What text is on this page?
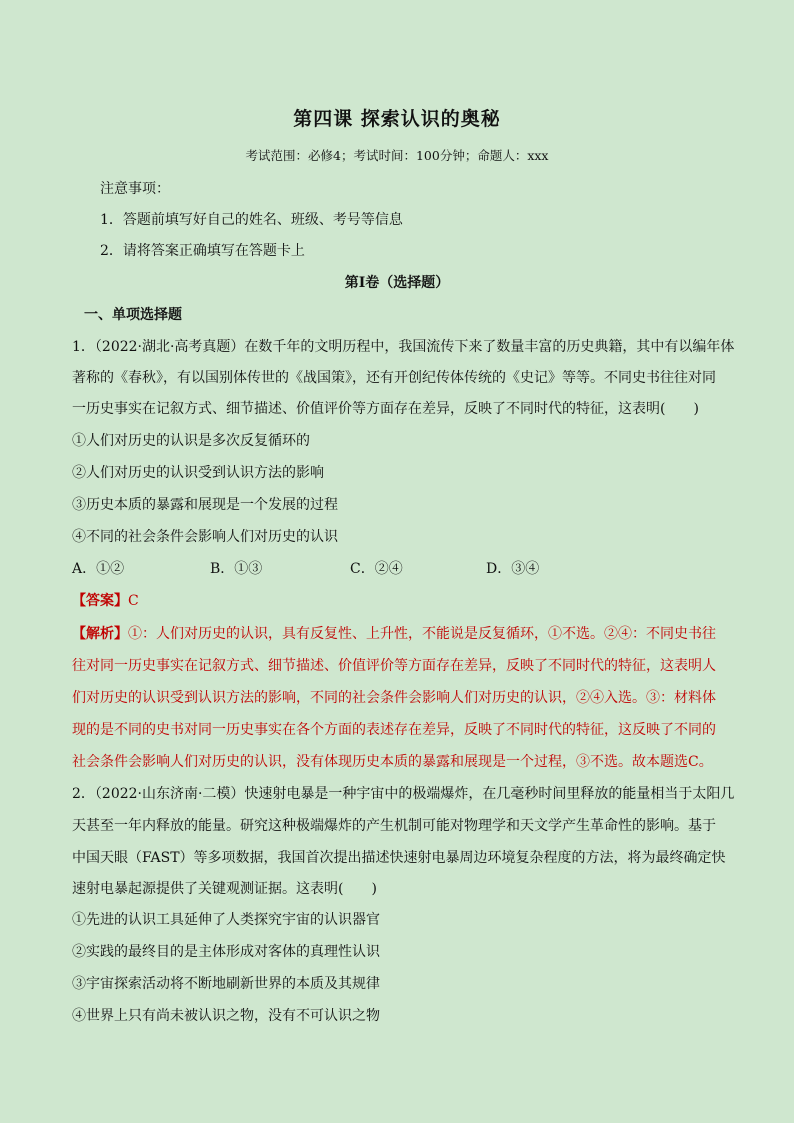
第四课 探索认识的奥秘
考试范围：必修4；考试时间：100分钟；命题人：xxx
注意事项：
1．答题前填写好自己的姓名、班级、考号等信息
2．请将答案正确填写在答题卡上
第I卷（选择题）
一、单项选择题
1．（2022·湖北·高考真题）在数千年的文明历程中，我国流传下来了数量丰富的历史典籍，其中有以编年体
著称的《春秋》，有以国别体传世的《战国策》，还有开创纪传体传统的《史记》等等。不同史书往往对同
一历史事实在记叙方式、细节描述、价值评价等方面存在差异，反映了不同时代的特征，这表明(　　)
①人们对历史的认识是多次反复循环的
②人们对历史的认识受到认识方法的影响
③历史本质的暴露和展现是一个发展的过程
④不同的社会条件会影响人们对历史的认识
A．①②	B．①③	C．②④	D．③④
【答案】C
【解析】①：人们对历史的认识，具有反复性、上升性，不能说是反复循环，①不选。②④：不同史书往
往对同一历史事实在记叙方式、细节描述、价值评价等方面存在差异，反映了不同时代的特征，这表明人
们对历史的认识受到认识方法的影响，不同的社会条件会影响人们对历史的认识，②④入选。③：材料体
现的是不同的史书对同一历史事实在各个方面的表述存在差异，反映了不同时代的特征，这反映了不同的
社会条件会影响人们对历史的认识，没有体现历史本质的暴露和展现是一个过程，③不选。故本题选C。
2．（2022·山东济南·二模）快速射电暴是一种宇宙中的极端爆炸，在几毫秒时间里释放的能量相当于太阳几
天甚至一年内释放的能量。研究这种极端爆炸的产生机制可能对物理学和天文学产生革命性的影响。基于
中国天眼（FAST）等多项数据，我国首次提出描述快速射电暴周边环境复杂程度的方法，将为最终确定快
速射电暴起源提供了关键观测证据。这表明(　　)
①先进的认识工具延伸了人类探究宇宙的认识器官
②实践的最终目的是主体形成对客体的真理性认识
③宇宙探索活动将不断地刷新世界的本质及其规律
④世界上只有尚未被认识之物，没有不可认识之物
